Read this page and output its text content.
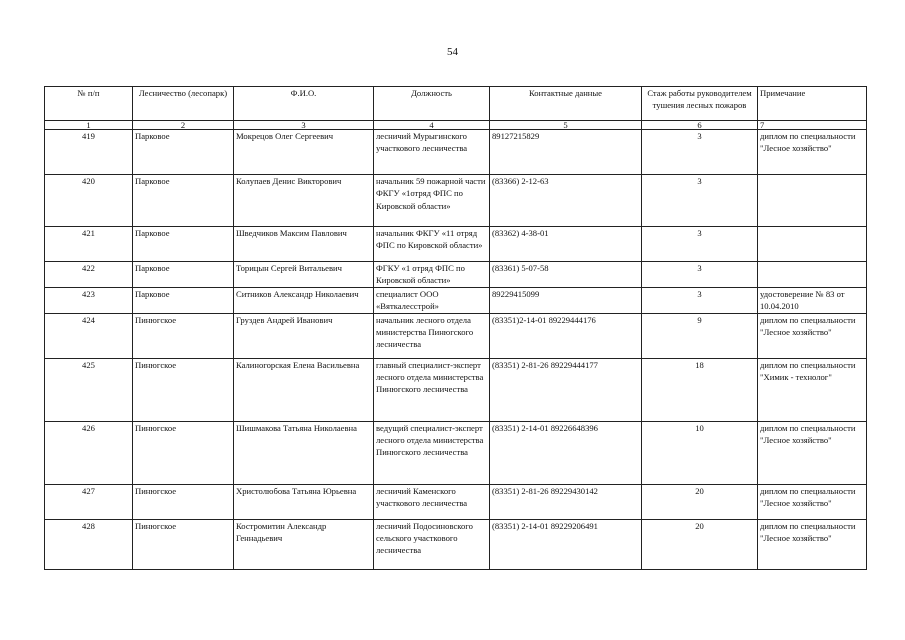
54
№ п/п	Лесничество (лесопарк)	Ф.И.О.	Должность	Контактные данные	Стаж работы руководителем тушения лесных пожаров	Примечание
1	2	3	4	5	6	7
419	Парковое	Мокрецов Олег Сергеевич	лесничий Мурыгинского участкового лесничества	89127215829	3	диплом по специальности "Лесное хозяйство"
420	Парковое	Колупаев Денис Викторович	начальник 59 пожарной части ФКГУ «1отряд ФПС по Кировской области»	(83366) 2-12-63	3	
421	Парковое	Шведчиков Максим Павлович	начальник ФКГУ «11 отряд ФПС по Кировской области»	(83362) 4-38-01	3	
422	Парковое	Торицын Сергей Витальевич	ФГКУ «1 отряд ФПС по Кировской области»	(83361) 5-07-58	3	
423	Парковое	Ситников Александр Николаевич	специалист ООО «Вяткалесстрой»	89229415099	3	удостоверение № 83 от 10.04.2010
424	Пинюгское	Груздев Андрей Иванович	начальник лесного отдела министерства Пинюгского лесничества	(83351)2-14-01 89229444176	9	диплом по специальности "Лесное хозяйство"
425	Пинюгское	Калиногорская Елена Васильевна	главный специалист-эксперт лесного отдела министерства Пинюгского лесничества	(83351) 2-81-26 89229444177	18	диплом по специальности "Химик - технолог"
426	Пинюгское	Шишмакова Татьяна Николаевна	ведущий специалист-эксперт лесного отдела министерства Пинюгского лесничества	(83351) 2-14-01 89226648396	10	диплом по специальности "Лесное хозяйство"
427	Пинюгское	Христолюбова Татьяна Юрьевна	лесничий Каменского участкового лесничества	(83351) 2-81-26 89229430142	20	диплом по специальности "Лесное хозяйство"
428	Пинюгское	Костромитин Александр Геннадьевич	лесничий Подосиновского сельского участкового лесничества	(83351) 2-14-01 89229206491	20	диплом по специальности "Лесное хозяйство"
